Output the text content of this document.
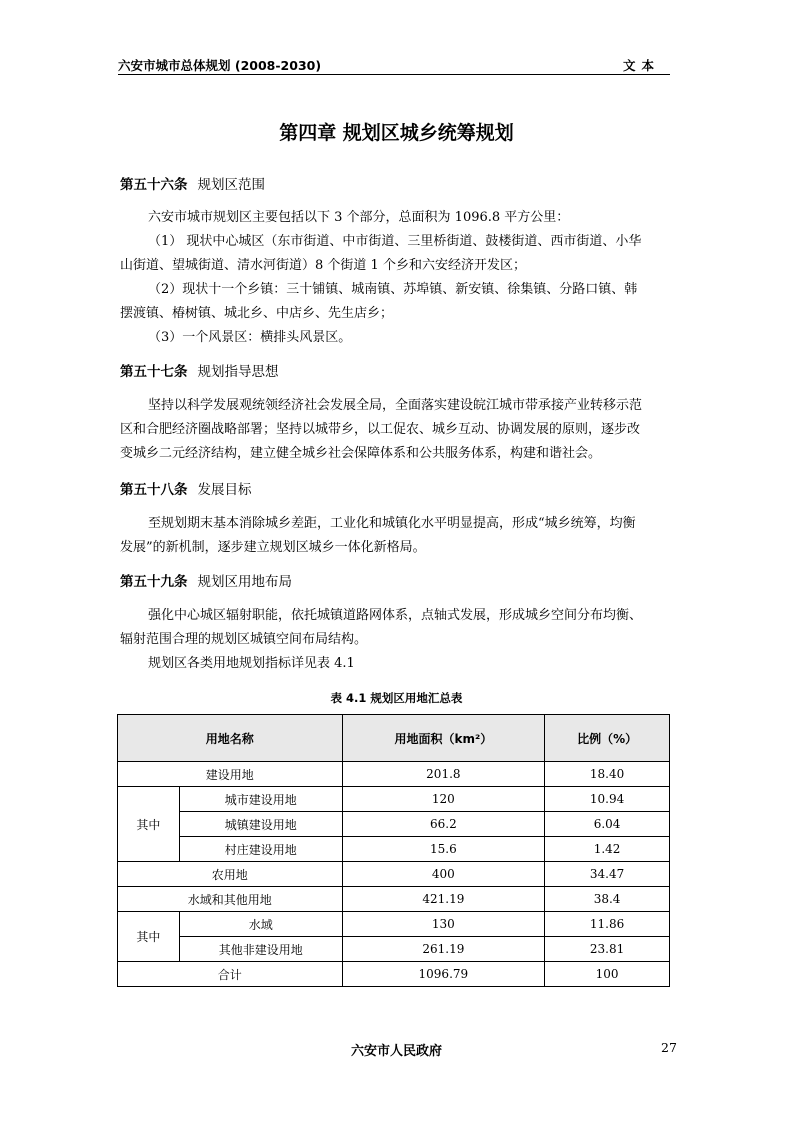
六安市城市总体规划 (2008-2030)	文本
第四章 规划区城乡统筹规划
第五十六条 规划区范围
六安市城市规划区主要包括以下 3 个部分，总面积为 1096.8 平方公里：
（1） 现状中心城区（东市街道、中市街道、三里桥街道、鼓楼街道、西市街道、小华
山街道、望城街道、清水河街道）8 个街道 1 个乡和六安经济开发区；
（2）现状十一个乡镇：三十铺镇、城南镇、苏埠镇、新安镇、徐集镇、分路口镇、韩
摆渡镇、椿树镇、城北乡、中店乡、先生店乡；
（3）一个风景区：横排头风景区。
第五十七条 规划指导思想
坚持以科学发展观统领经济社会发展全局，全面落实建设皖江城市带承接产业转移示范
区和合肥经济圈战略部署；坚持以城带乡，以工促农、城乡互动、协调发展的原则，逐步改
变城乡二元经济结构，建立健全城乡社会保障体系和公共服务体系，构建和谐社会。
第五十八条 发展目标
至规划期末基本消除城乡差距，工业化和城镇化水平明显提高，形成“城乡统筹，均衡
发展”的新机制，逐步建立规划区城乡一体化新格局。
第五十九条 规划区用地布局
强化中心城区辐射职能，依托城镇道路网体系，点轴式发展，形成城乡空间分布均衡、
辐射范围合理的规划区城镇空间布局结构。
规划区各类用地规划指标详见表 4.1
表 4.1 规划区用地汇总表
用地名称		用地面积（km²）	比例（%）
建设用地		201.8	18.40
其中	城市建设用地	120	10.94
	城镇建设用地	66.2	6.04
	村庄建设用地	15.6	1.42
农用地		400	34.47
水域和其他用地		421.19	38.4
其中	水域	130	11.86
	其他非建设用地	261.19	23.81
合计		1096.79	100
六安市人民政府	27
